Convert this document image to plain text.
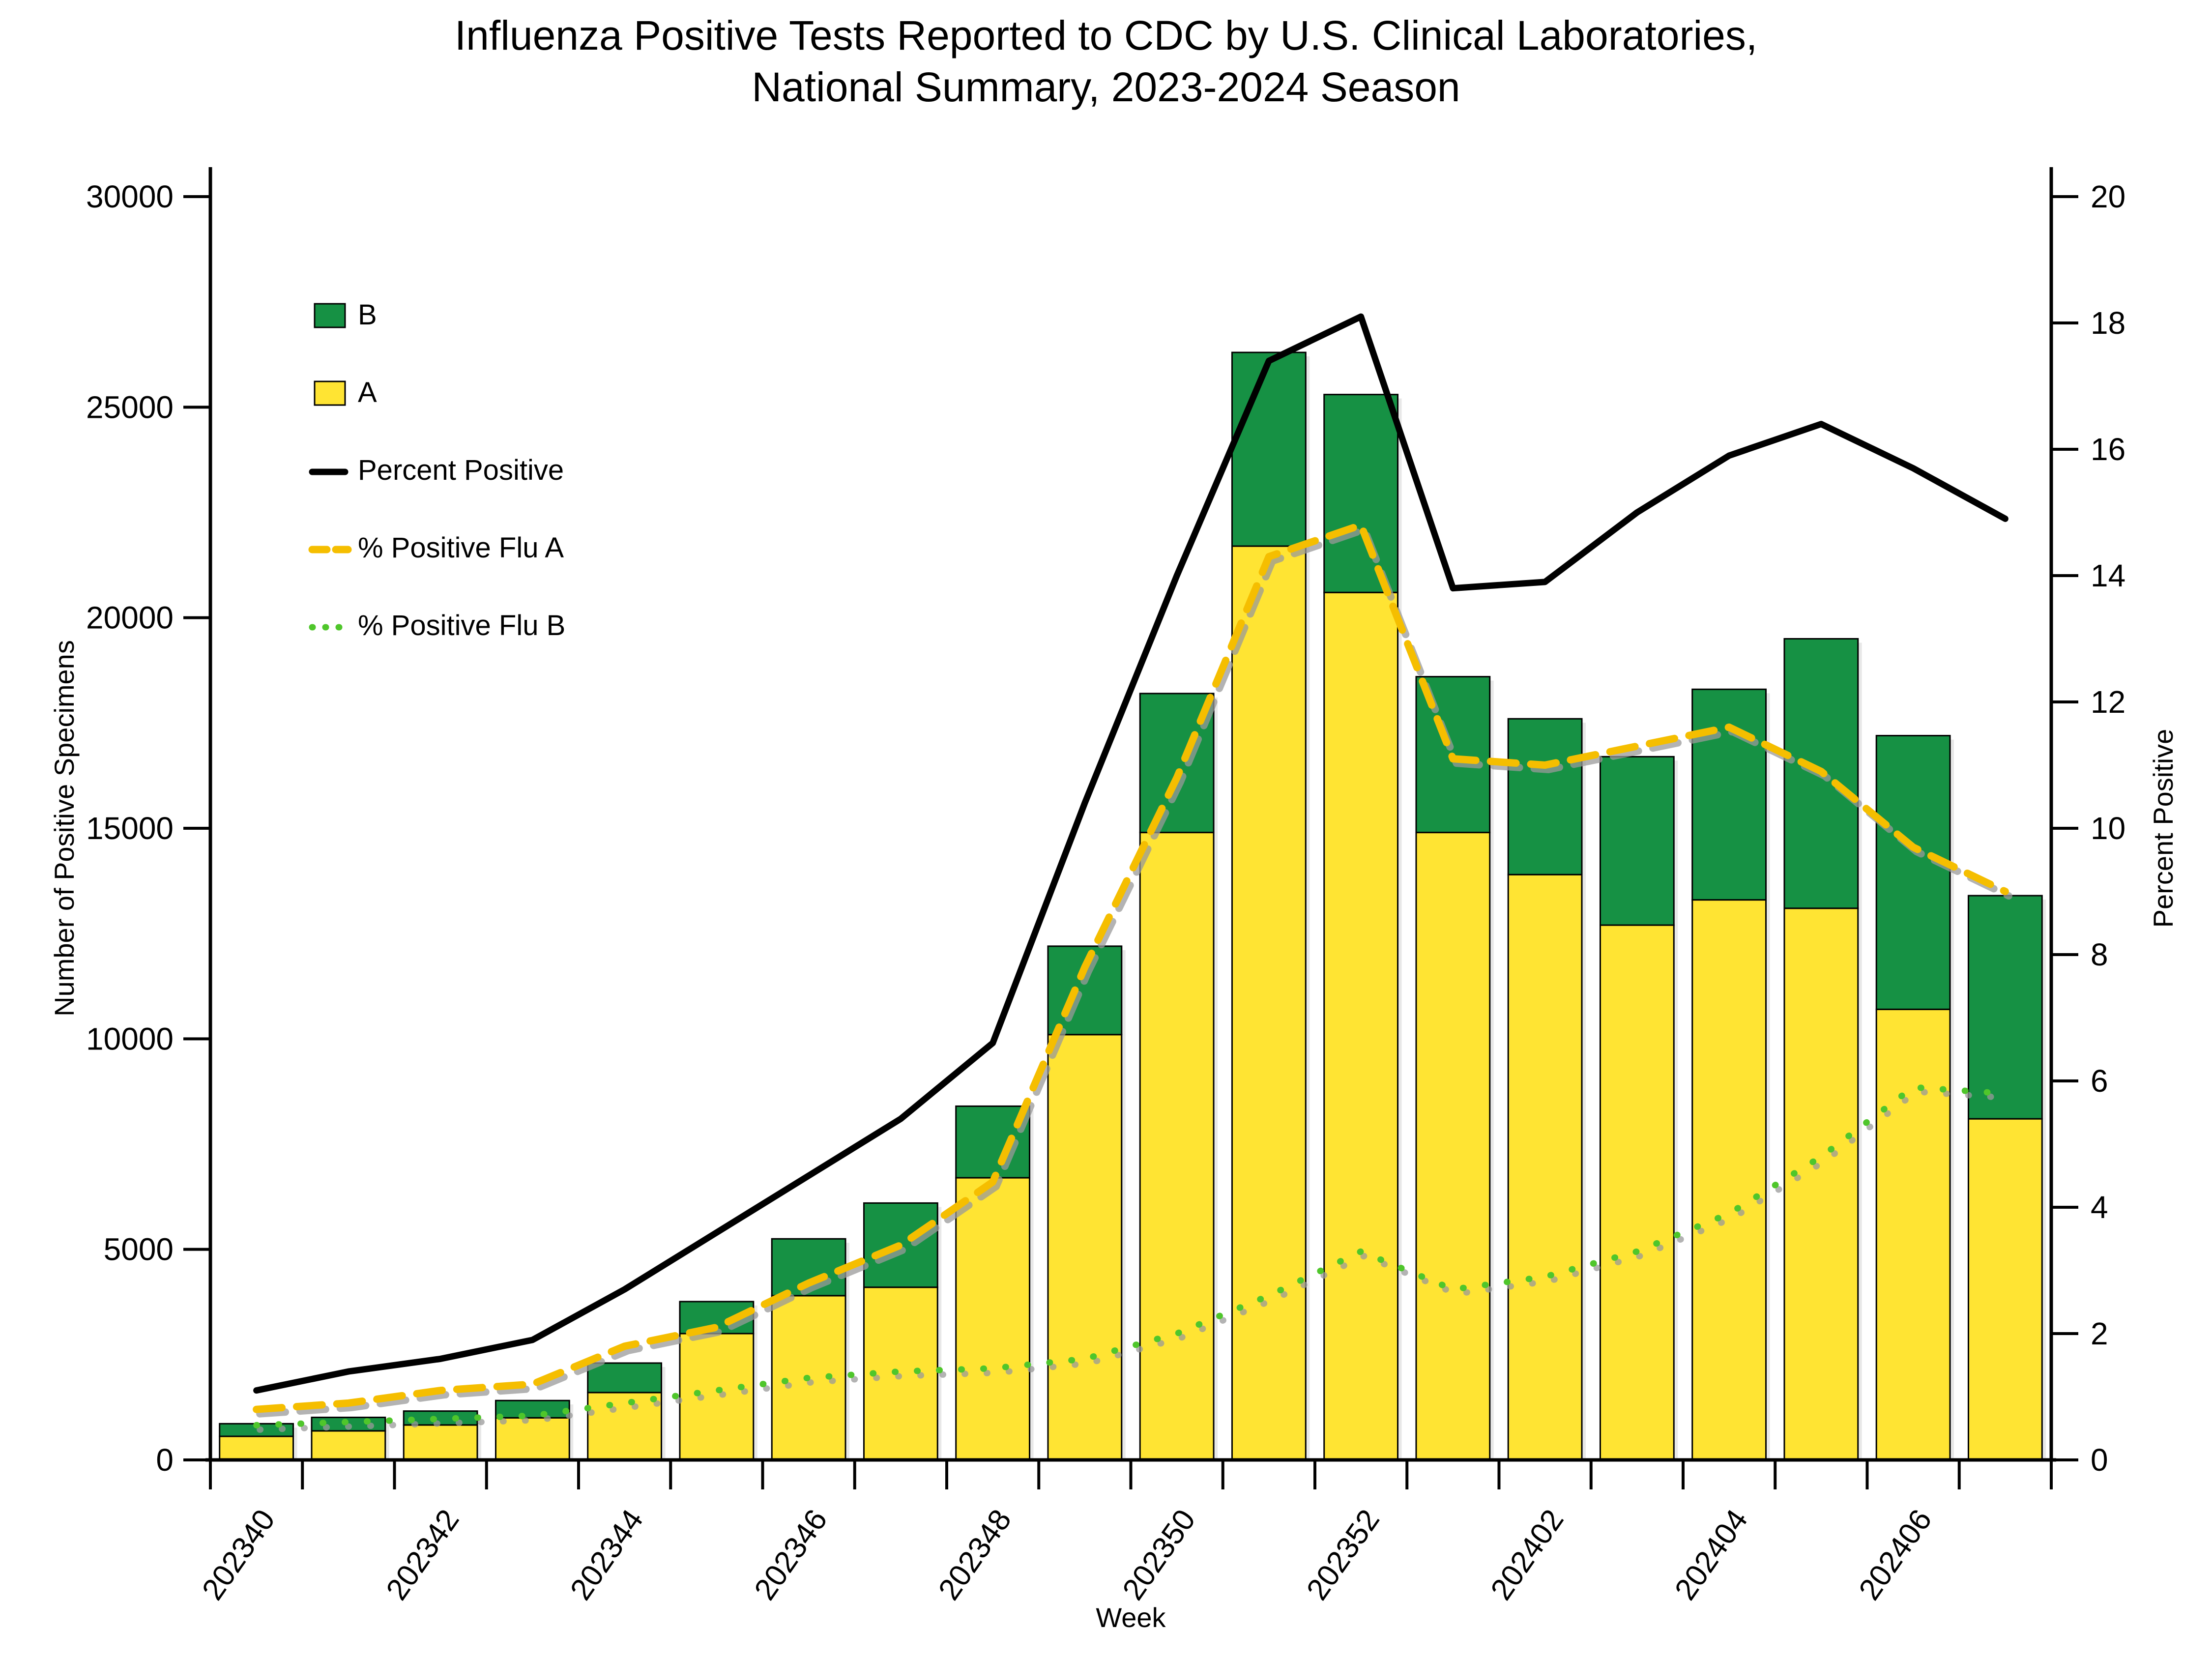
Influenza Positive Tests Reported to CDC by U.S. Clinical Laboratories,
National Summary, 2023-2024 Season
0
5000
10000
15000
20000
25000
30000
0
2
4
6
8
10
12
14
16
18
20
202340	202342	202344	202346	202348	202350	202352	202402	202404	202406
Number of Positive Specimens	Percent Positive
Week
B
A
Percent Positive
% Positive Flu A
% Positive Flu B
